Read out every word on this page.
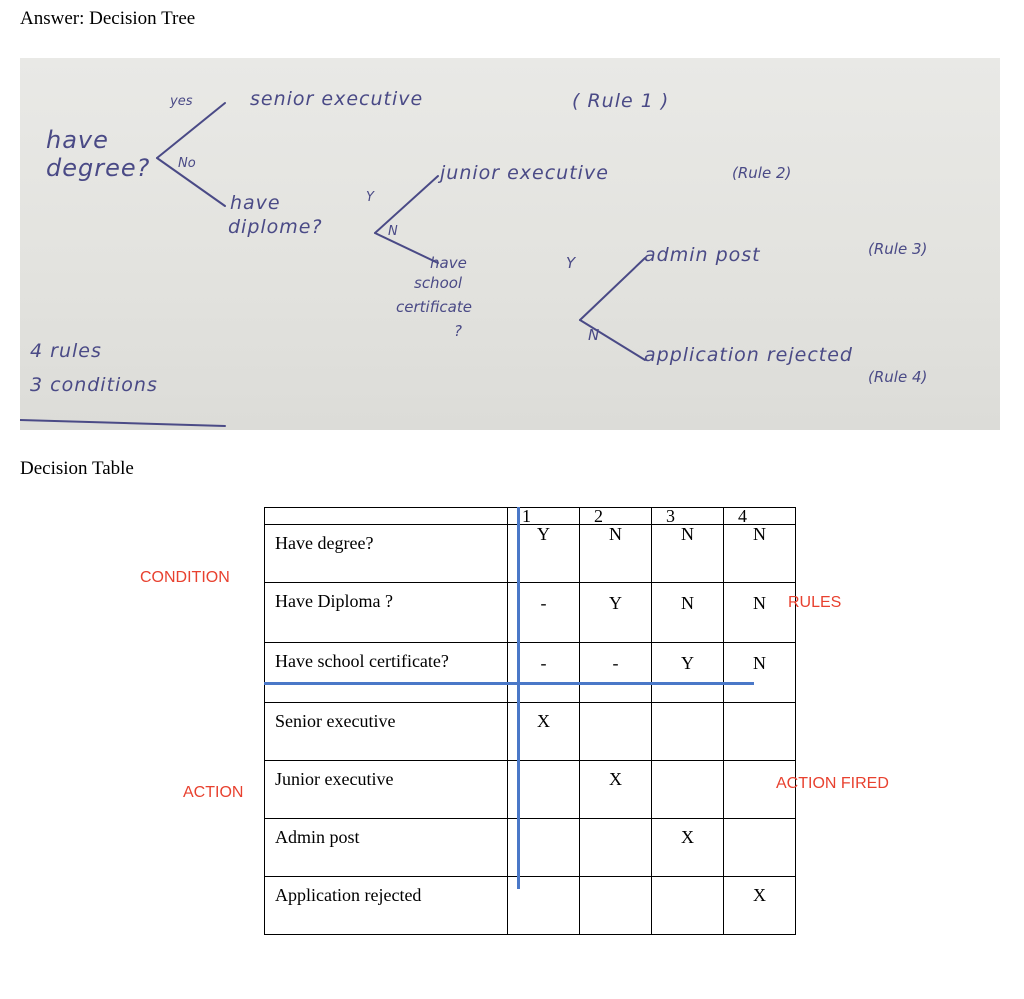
Answer: Decision Tree
have
degree?
yes
No
senior executive	( Rule 1 )
have
diplome?
Y
N
junior executive	(Rule 2)
have
school
certificate
?
Y
N
admin post	(Rule 3)
application rejected
(Rule 4)
4 rules
3 conditions
Decision Table
	1	2	3	4
Have degree?	Y	N	N	N
Have Diploma ?	-	Y	N	N
Have school certificate?	-	-	Y	N
Senior executive	X			
Junior executive		X		
Admin post			X	
Application rejected				X
CONDITION
ACTION
RULES
ACTION FIRED
